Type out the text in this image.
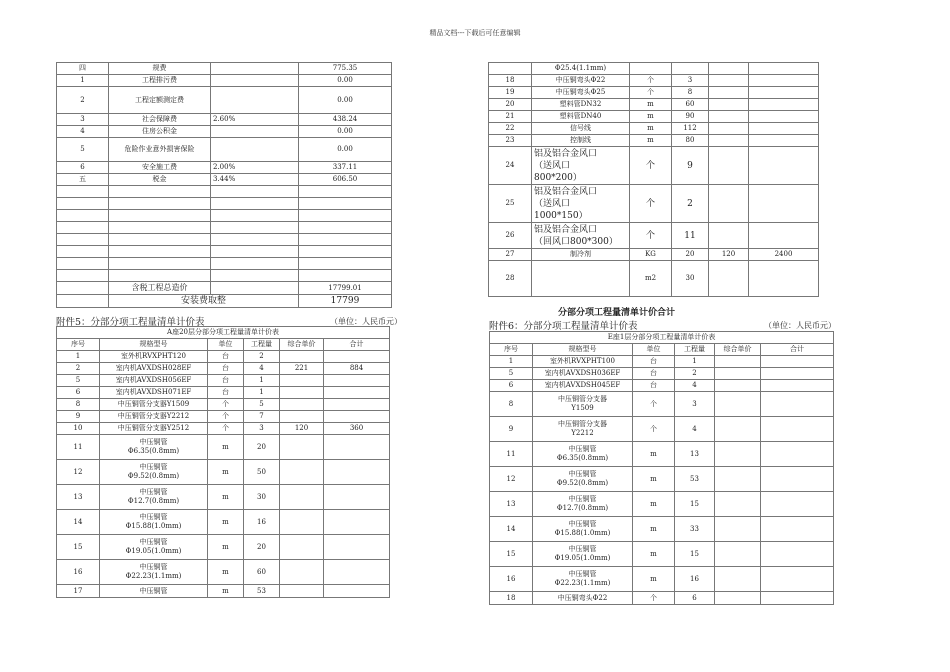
精品文档---下载后可任意编辑
四	规费		775.35
1	工程排污费		0.00
2	工程定额测定费		0.00
3	社会保障费	2.60%	438.24
4	住房公积金		0.00
5	危险作业意外损害保险		0.00
6	安全施工费	2.00%	337.11
五	税金	3.44%	606.50

	含税工程总造价		17799.01
	安装费取整		17799
附件5：分部分项工程量清单计价表	（单位：人民币元）
A座20层分部分项工程量清单计价表					
序号	规格型号	单位	工程量	综合单价	合计
1	室外机RVXPHT120	台	2		
2	室内机AVXDSH028EF	台	4	221	884
5	室内机AVXDSH056EF	台	1		
6	室内机AVXDSH071EF	台	1		
8	中压铜管分支器Y1509	个	5		
9	中压铜管分支器Y2212	个	7		
10	中压铜管分支器Y2512	个	3	120	360
11	中压铜管
Φ6.35(0.8mm)	m	20		
12	中压铜管
Φ9.52(0.8mm)	m	50		
13	中压铜管
Φ12.7(0.8mm)	m	30		
14	中压铜管
Φ15.88(1.0mm)	m	16		
15	中压铜管
Φ19.05(1.0mm)	m	20		
16	中压铜管
Φ22.23(1.1mm)	m	60		
17	中压铜管	m	53		
	Φ25.4(1.1mm)				
18	中压铜弯头Φ22	个	3		
19	中压铜弯头Φ25	个	8		
20	塑料管DN32	m	60		
21	塑料管DN40	m	90		
22	信号线	m	112		
23	控制线	m	80		
24	铝及铝合金风口
（送风口
800*200）	个	9		
25	铝及铝合金风口
（送风口
1000*150）	个	2		
26	铝及铝合金风口
（回风口800*300）	个	11		
27	制冷剂	KG	20	120	2400
28		m2	30		
分部分项工程量清单计价合计
附件6：分部分项工程量清单计价表	（单位：人民币元）
E座1层分部分项工程量清单计价表					
序号	规格型号	单位	工程量	综合单价	合计
1	室外机RVXPHT100	台	1		
5	室内机AVXDSH036EF	台	2		
6	室内机AVXDSH045EF	台	4		
8	中压铜管分支器
Y1509	个	3		
9	中压铜管分支器
Y2212	个	4		
11	中压铜管
Φ6.35(0.8mm)	m	13		
12	中压铜管
Φ9.52(0.8mm)	m	53		
13	中压铜管
Φ12.7(0.8mm)	m	15		
14	中压铜管
Φ15.88(1.0mm)	m	33		
15	中压铜管
Φ19.05(1.0mm)	m	15		
16	中压铜管
Φ22.23(1.1mm)	m	16		
18	中压铜弯头Φ22	个	6		
